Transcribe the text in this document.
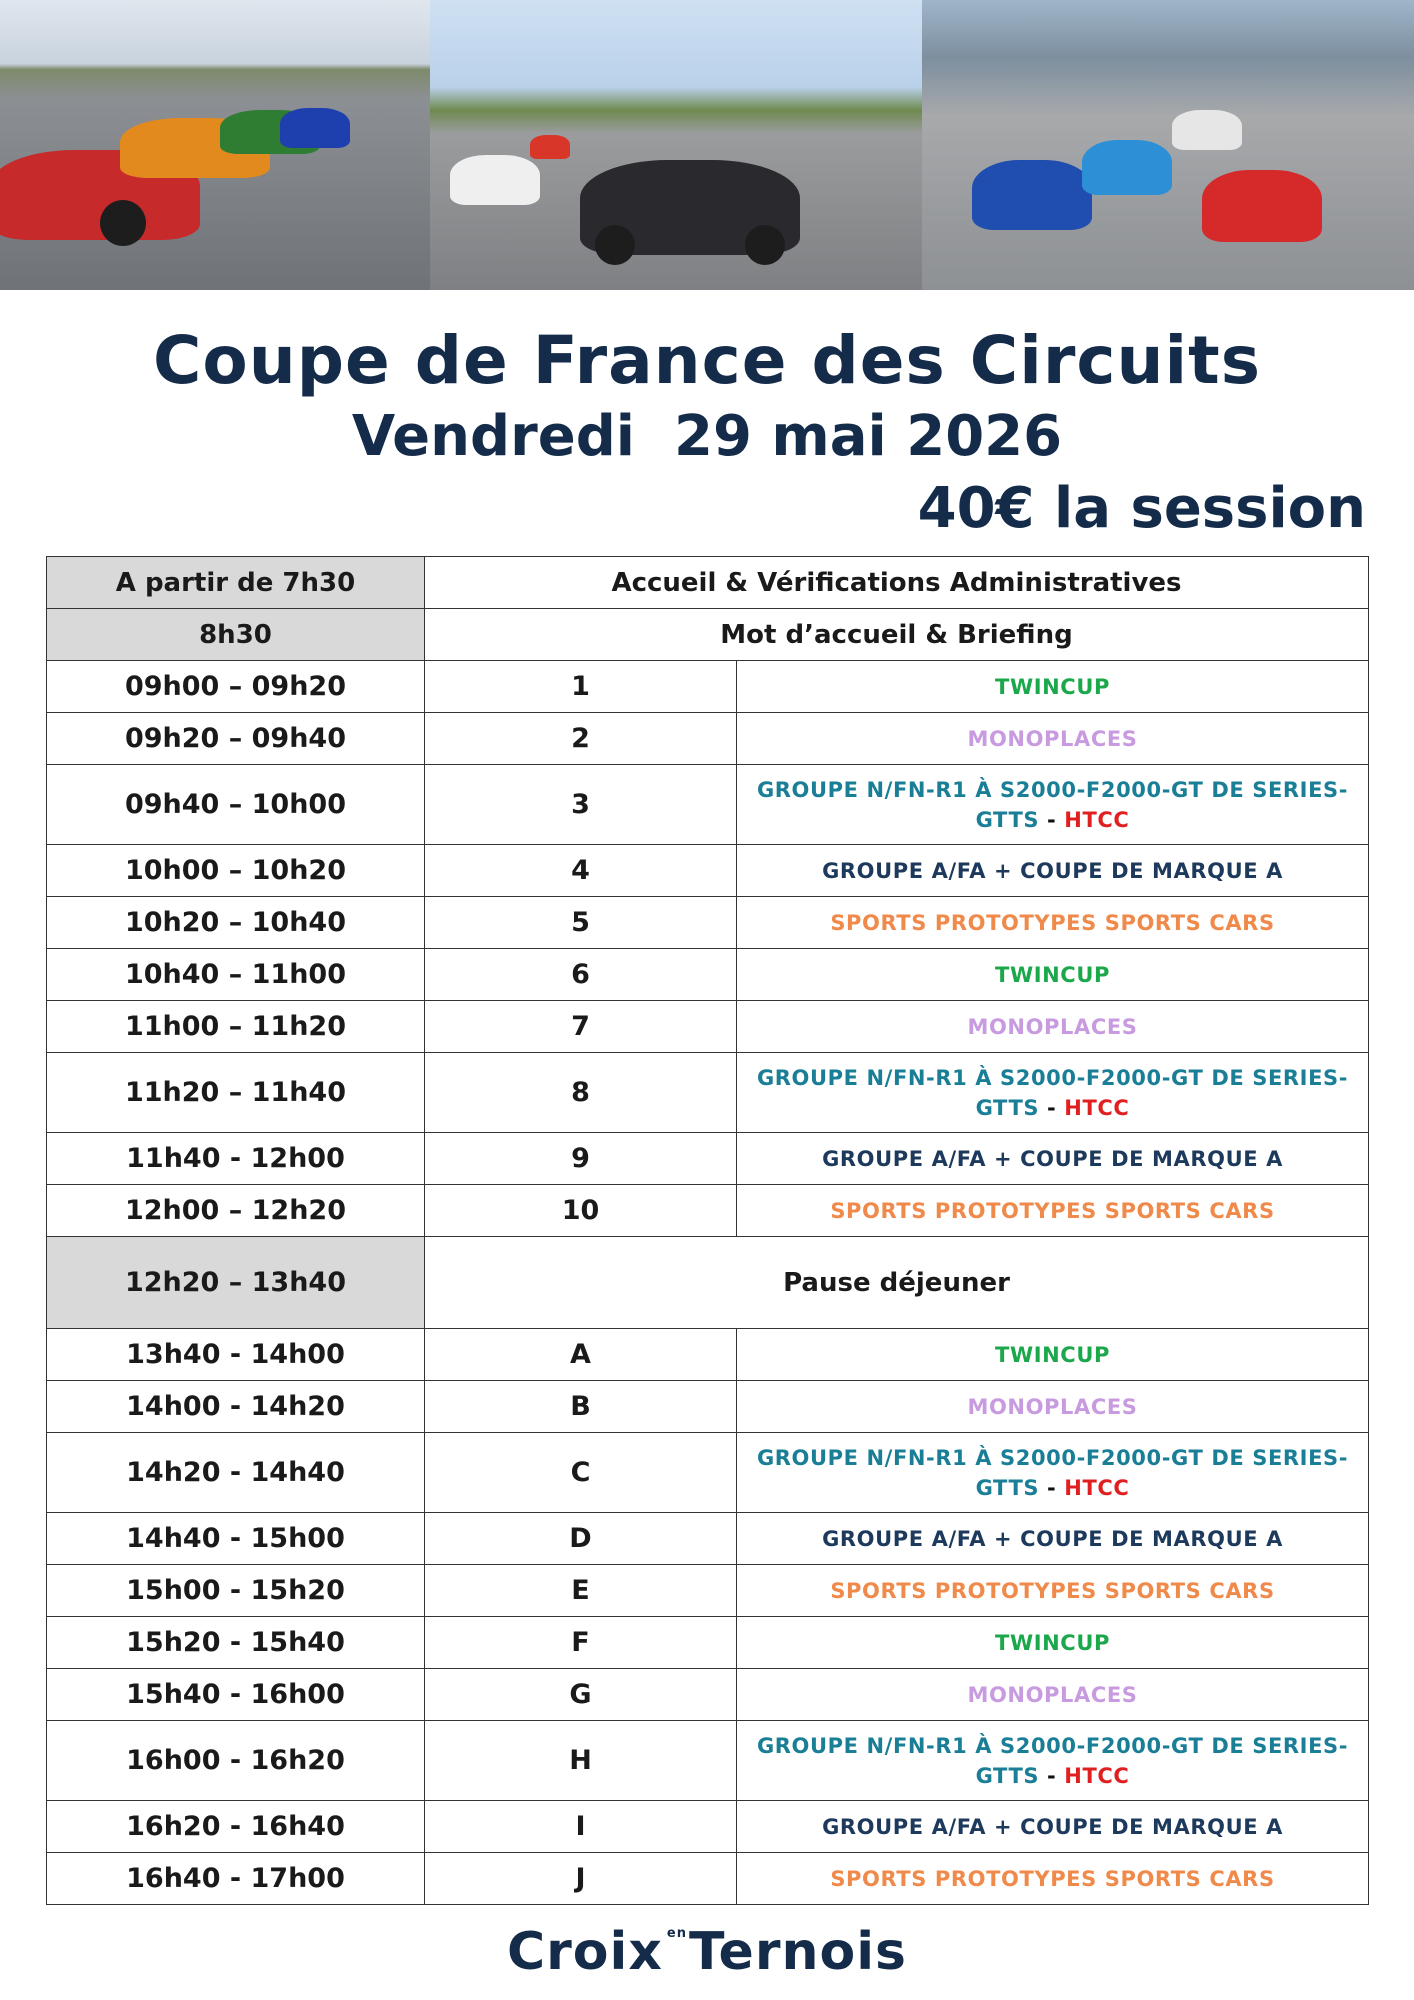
Coupe de France des Circuits
Vendredi  29 mai 2026
40€ la session
A partir de 7h30	Accueil & Vérifications Administratives	
8h30	Mot d’accueil & Briefing	
09h00 – 09h20	1	TWINCUP
09h20 – 09h40	2	MONOPLACES
09h40 – 10h00	3	GROUPE N/FN-R1 À S2000-F2000-GT DE SERIES-GTTS - HTCC
10h00 – 10h20	4	GROUPE A/FA + COUPE DE MARQUE A
10h20 – 10h40	5	SPORTS PROTOTYPES SPORTS CARS
10h40 – 11h00	6	TWINCUP
11h00 – 11h20	7	MONOPLACES
11h20 – 11h40	8	GROUPE N/FN-R1 À S2000-F2000-GT DE SERIES-GTTS - HTCC
11h40 - 12h00	9	GROUPE A/FA + COUPE DE MARQUE A
12h00 – 12h20	10	SPORTS PROTOTYPES SPORTS CARS
12h20 – 13h40	Pause déjeuner	
13h40 - 14h00	A	TWINCUP
14h00 - 14h20	B	MONOPLACES
14h20 - 14h40	C	GROUPE N/FN-R1 À S2000-F2000-GT DE SERIES-GTTS - HTCC
14h40 - 15h00	D	GROUPE A/FA + COUPE DE MARQUE A
15h00 - 15h20	E	SPORTS PROTOTYPES SPORTS CARS
15h20 - 15h40	F	TWINCUP
15h40 - 16h00	G	MONOPLACES
16h00 - 16h20	H	GROUPE N/FN-R1 À S2000-F2000-GT DE SERIES-GTTS - HTCC
16h20 - 16h40	I	GROUPE A/FA + COUPE DE MARQUE A
16h40 - 17h00	J	SPORTS PROTOTYPES SPORTS CARS
Croix $^{en}$Ternois
